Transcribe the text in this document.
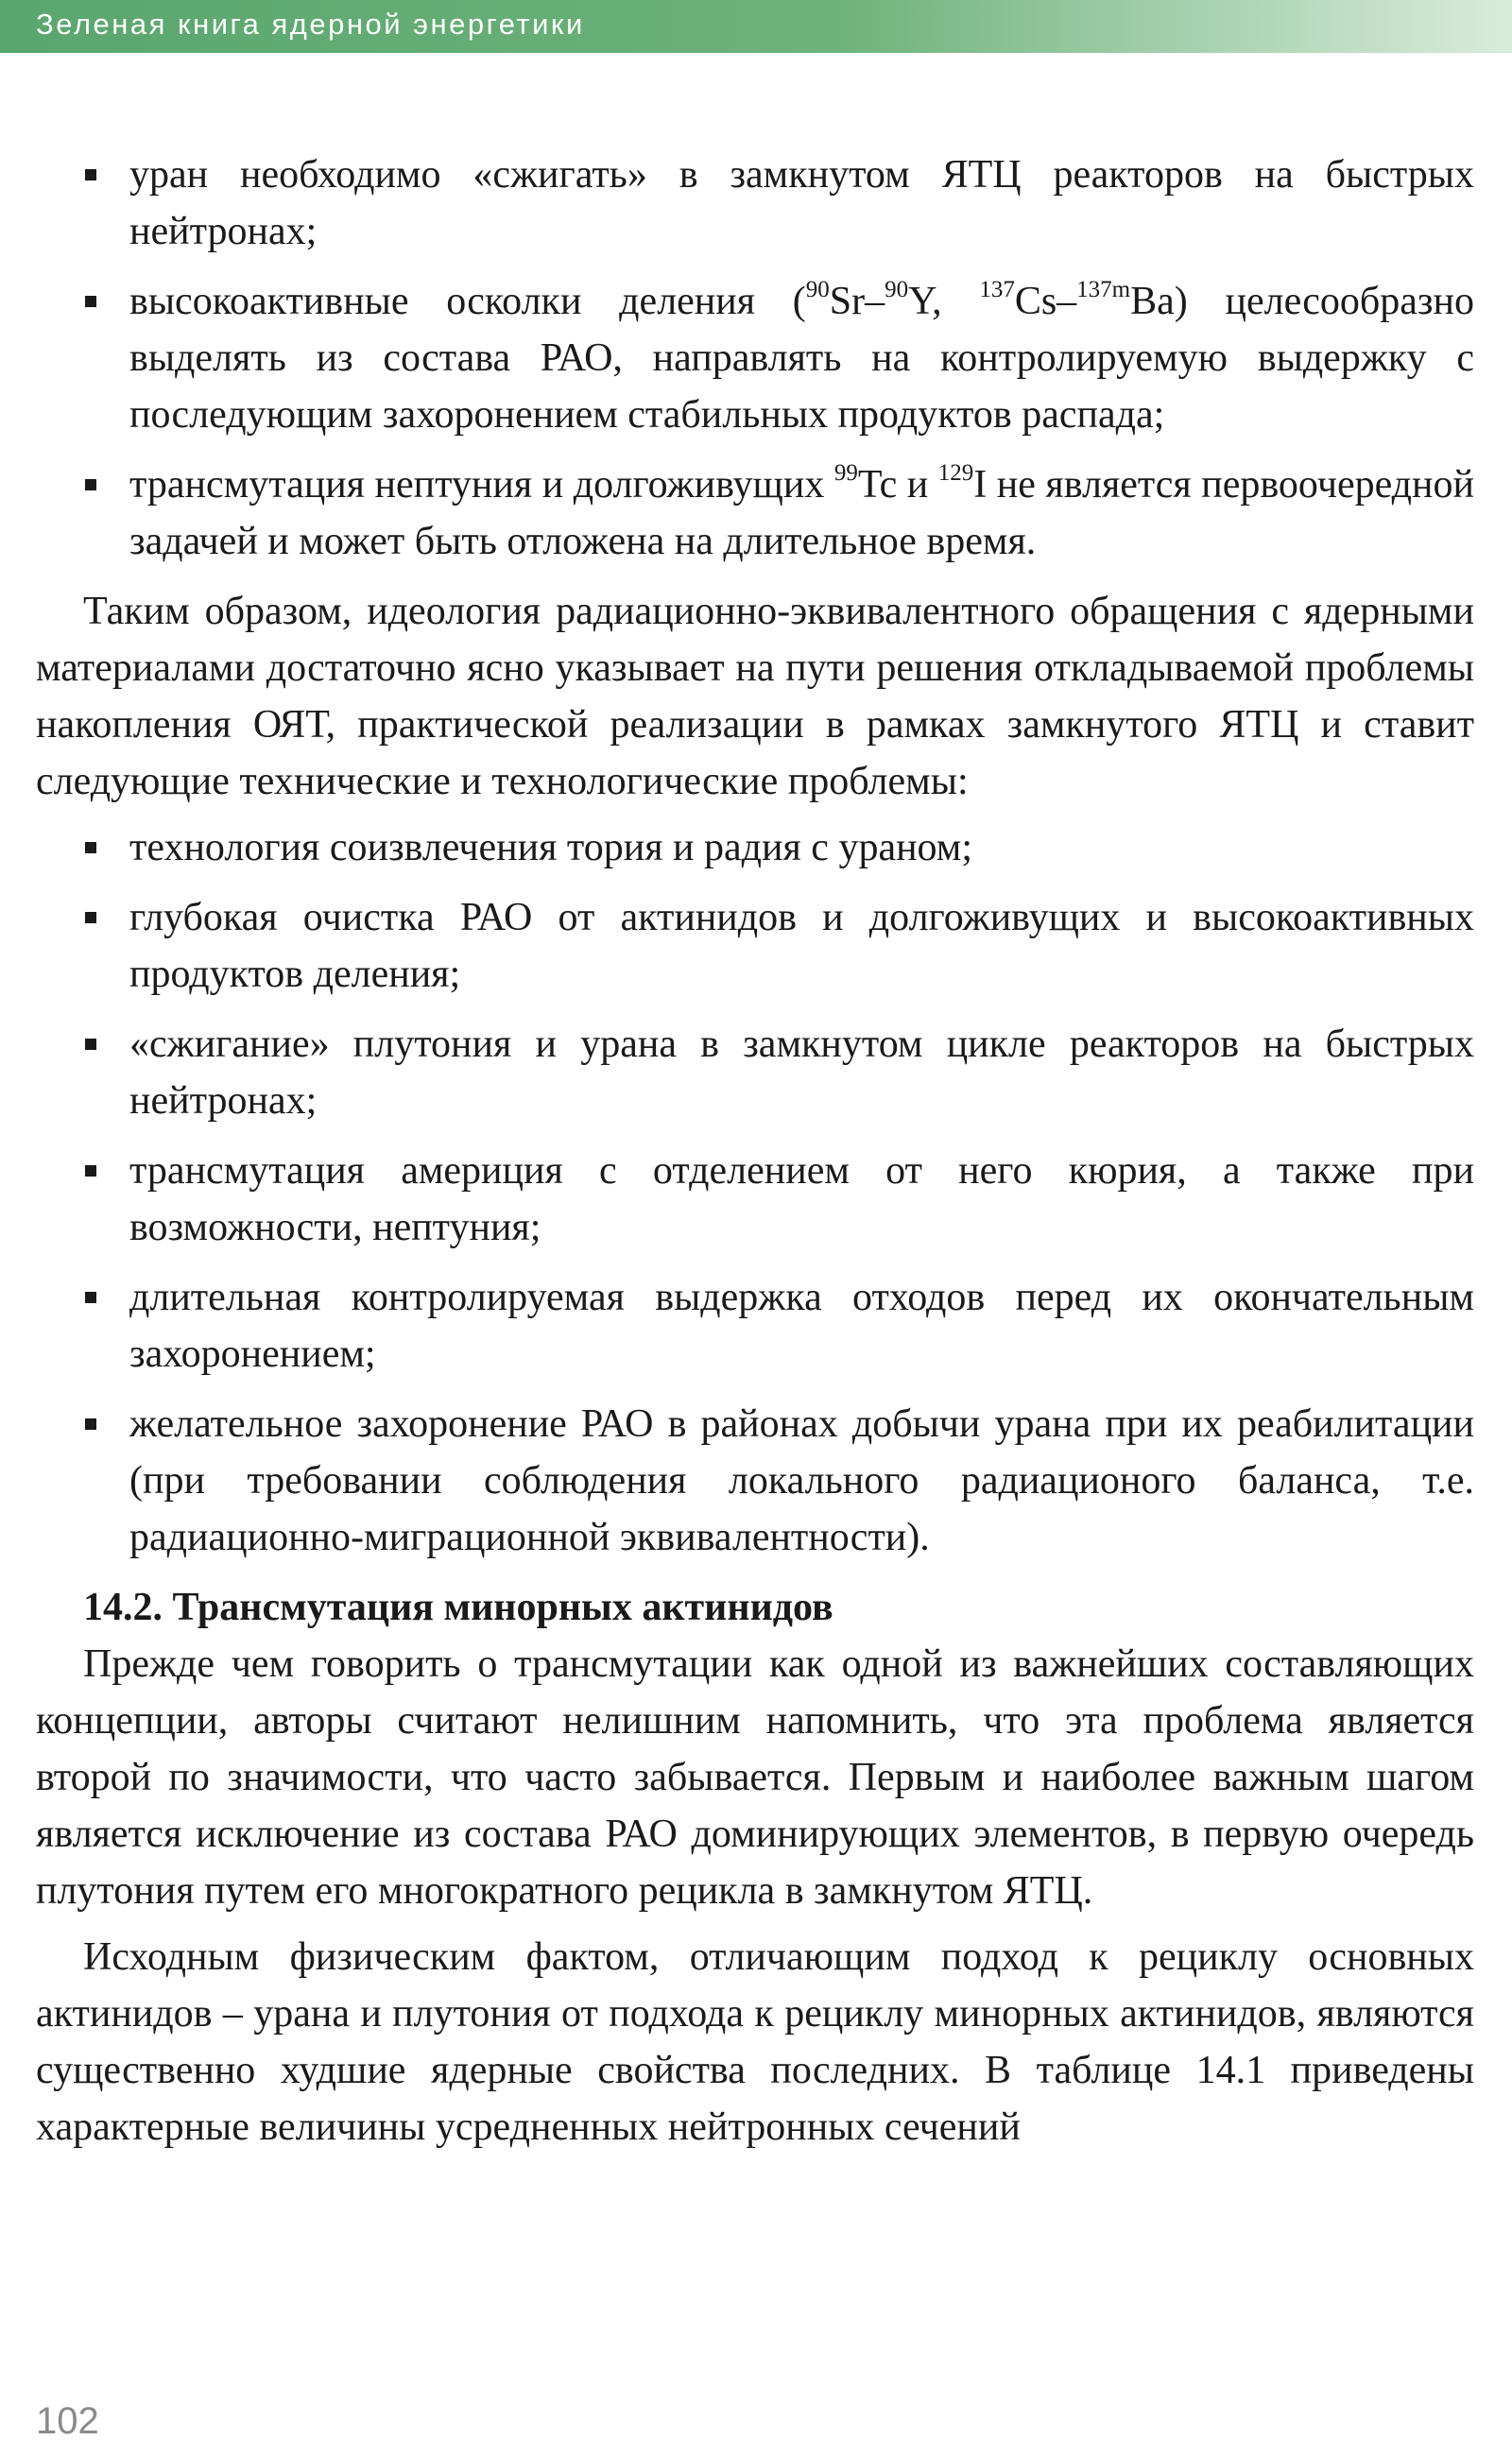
Зеленая книга ядерной энергетики
уран необходимо «сжигать» в замкнутом ЯТЦ реакторов на быстрых нейтронах;
высокоактивные осколки деления ($^{90}$Sr–$^{90}$Y, $^{137}$Cs–$^{137m}$Ba) целесообразно выделять из состава РАО, направлять на контролируемую выдержку с последующим захоронением стабильных продуктов распада;
трансмутация нептуния и долгоживущих $^{99}$Tc и $^{129}$I не является первоочередной задачей и может быть отложена на длительное время.

Таким образом, идеология радиационно-эквивалентного обращения с ядерными материалами достаточно ясно указывает на пути решения откладываемой проблемы накопления ОЯТ, практической реализации в рамках замкнутого ЯТЦ и ставит следующие технические и технологические проблемы:

технология соизвлечения тория и радия с ураном;
глубокая очистка РАО от актинидов и долгоживущих и высокоактивных продуктов деления;
«сжигание» плутония и урана в замкнутом цикле реакторов на быстрых нейтронах;
трансмутация америция с отделением от него кюрия, а также при возможности, нептуния;
длительная контролируемая выдержка отходов перед их окончательным захоронением;
желательное захоронение РАО в районах добычи урана при их реабилитации (при требовании соблюдения локального радиационого баланса, т.е. радиационно-миграционной эквивалентности).
14.2. Трансмутация минорных актинидов

Прежде чем говорить о трансмутации как одной из важнейших составляющих концепции, авторы считают нелишним напомнить, что эта проблема является второй по значимости, что часто забывается. Первым и наиболее важным шагом является исключение из состава РАО доминирующих элементов, в первую очередь плутония путем его многократного рецикла в замкнутом ЯТЦ.

Исходным физическим фактом, отличающим подход к рециклу основных актинидов – урана и плутония от подхода к рециклу минорных актинидов, являются существенно худшие ядерные свойства последних. В таблице 14.1 приведены характерные величины усредненных нейтронных сечений

102
